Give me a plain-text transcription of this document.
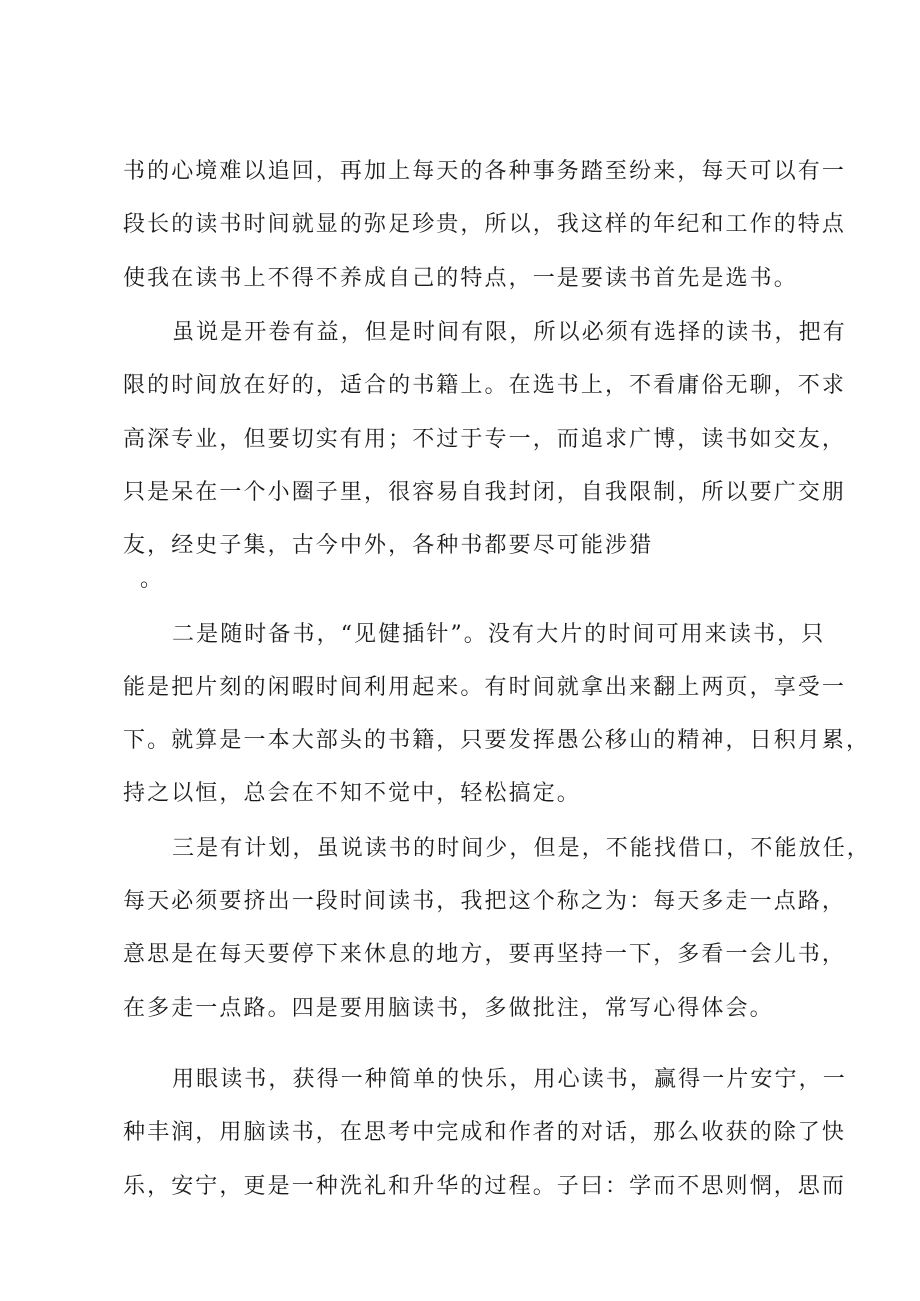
书的心境难以追回，再加上每天的各种事务踏至纷来，每天可以有一
段长的读书时间就显的弥足珍贵，所以，我这样的年纪和工作的特点
使我在读书上不得不养成自己的特点，一是要读书首先是选书。
虽说是开卷有益，但是时间有限，所以必须有选择的读书，把有
限的时间放在好的，适合的书籍上。在选书上，不看庸俗无聊，不求
高深专业，但要切实有用；不过于专一，而追求广博，读书如交友，
只是呆在一个小圈子里，很容易自我封闭，自我限制，所以要广交朋
友，经史子集，古今中外，各种书都要尽可能涉猎
。
二是随时备书，“见健插针”。没有大片的时间可用来读书，只
能是把片刻的闲暇时间利用起来。有时间就拿出来翻上两页，享受一
下。就算是一本大部头的书籍，只要发挥愚公移山的精神，日积月累，
持之以恒，总会在不知不觉中，轻松搞定。
三是有计划，虽说读书的时间少，但是，不能找借口，不能放任，
每天必须要挤出一段时间读书，我把这个称之为：每天多走一点路，
意思是在每天要停下来休息的地方，要再坚持一下，多看一会儿书，
在多走一点路。四是要用脑读书，多做批注，常写心得体会。
用眼读书，获得一种简单的快乐，用心读书，赢得一片安宁，一
种丰润，用脑读书，在思考中完成和作者的对话，那么收获的除了快
乐，安宁，更是一种洗礼和升华的过程。子曰：学而不思则惘，思而
